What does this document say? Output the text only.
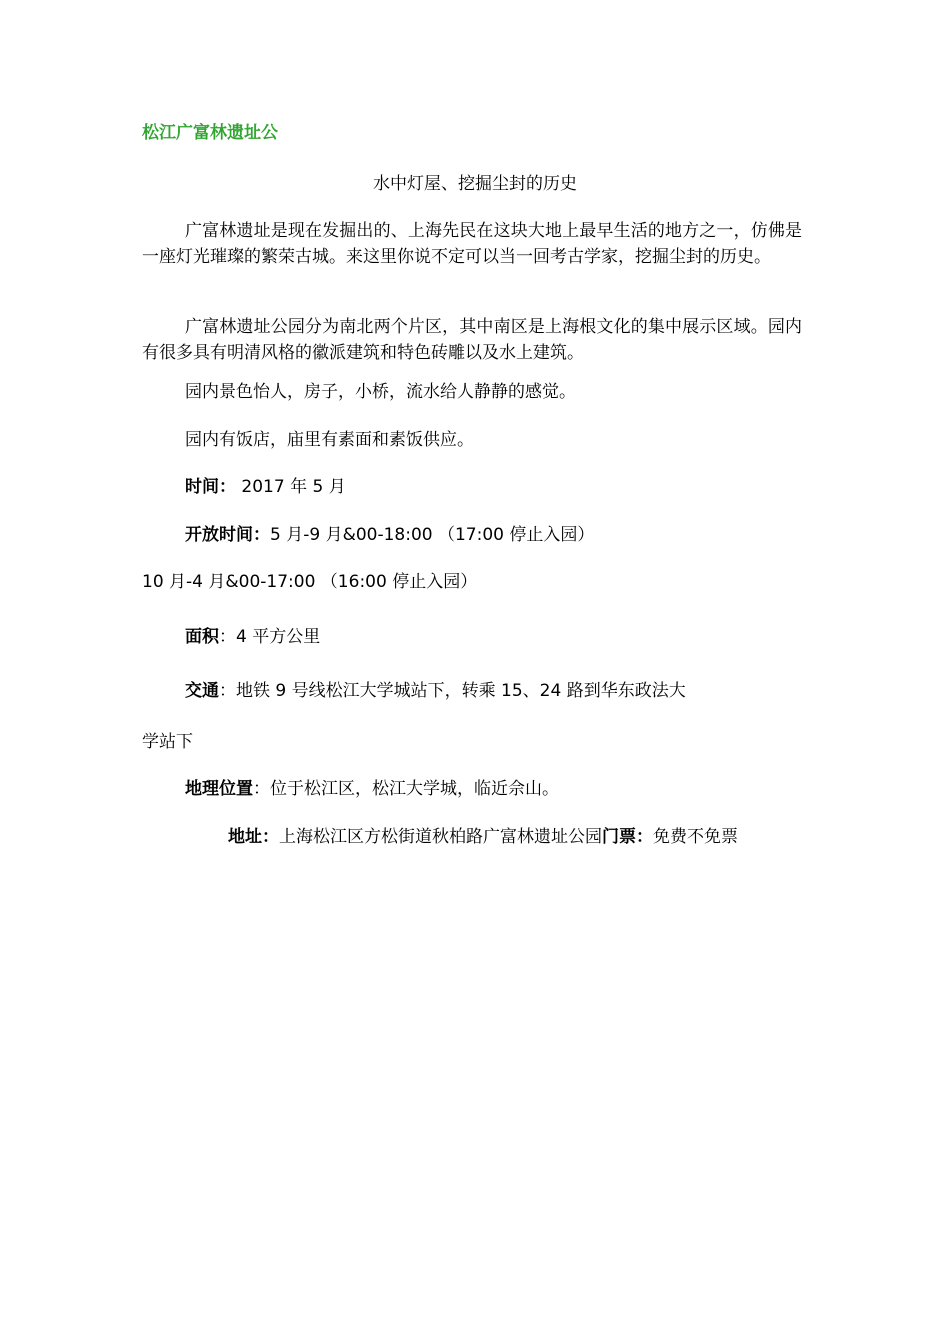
松江广富林遗址公
水中灯屋、挖掘尘封的历史
广富林遗址是现在发掘出的、上海先民在这块大地上最早生活的地方之一，仿佛是一座灯光璀璨的繁荣古城。来这里你说不定可以当一回考古学家，挖掘尘封的历史。
广富林遗址公园分为南北两个片区，其中南区是上海根文化的集中展示区域。园内有很多具有明清风格的徽派建筑和特色砖雕以及水上建筑。
园内景色怡人，房子，小桥，流水给人静静的感觉。
园内有饭店，庙里有素面和素饭供应。
时间： 2017 年 5 月
开放时间：5 月-9 月&00-18:00 （17:00 停止入园）
10 月-4 月&00-17:00 （16:00 停止入园）
面积：4 平方公里
交通：地铁 9 号线松江大学城站下，转乘 15、24 路到华东政法大
学站下
地理位置：位于松江区，松江大学城，临近佘山。
地址：上海松江区方松街道秋柏路广富林遗址公园门票：免费不免票
